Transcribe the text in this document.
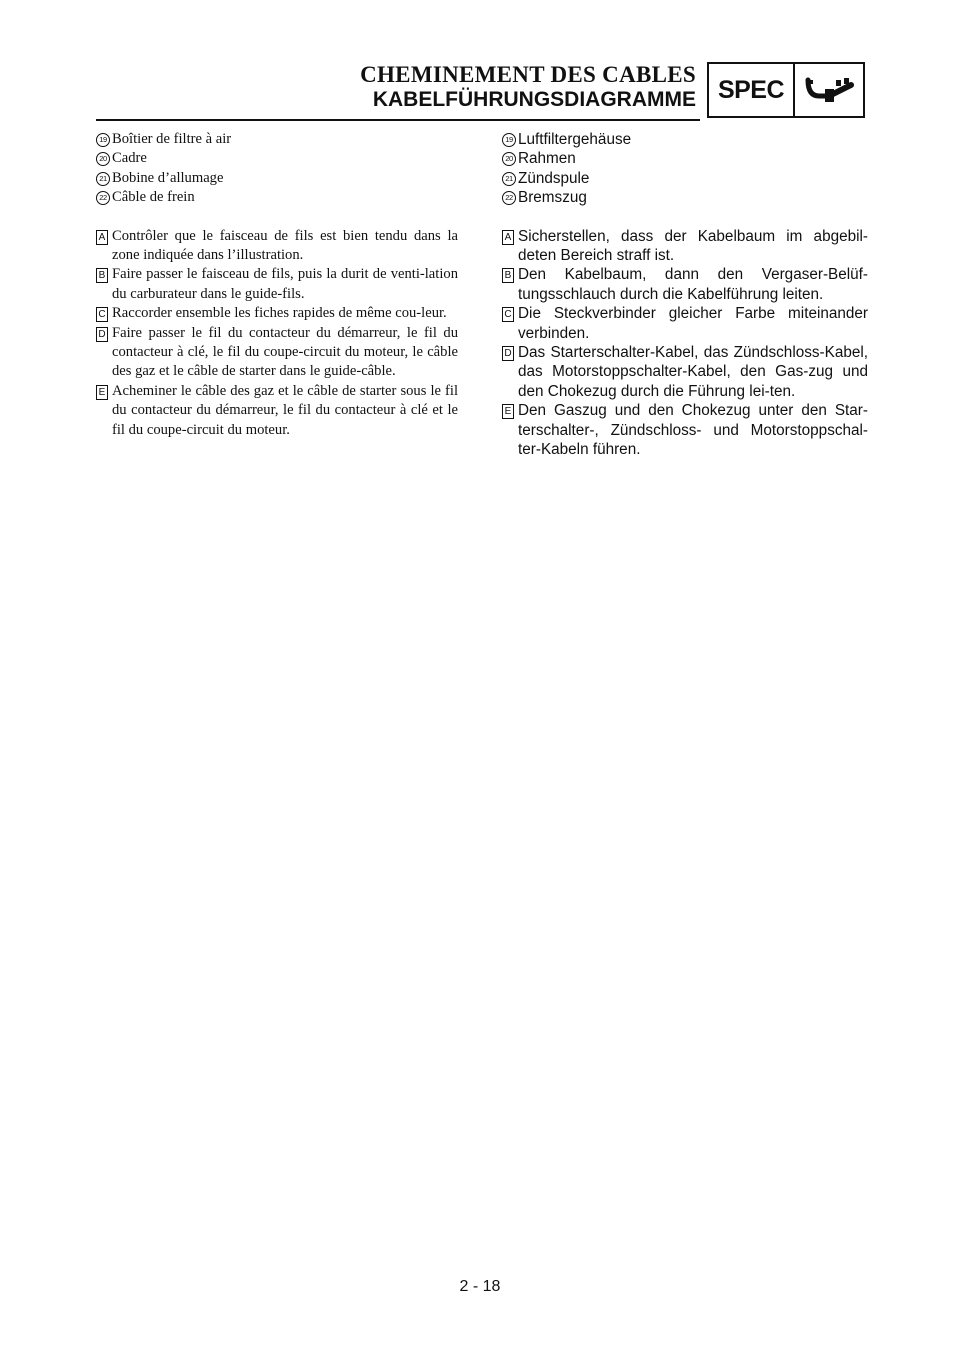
CHEMINEMENT DES CABLES
KABELFÜHRUNGSDIAGRAMME SPEC
19 Boîtier de filtre à air
20 Cadre
21 Bobine d’allumage
22 Câble de frein
A Contrôler que le faisceau de fils est bien tendu dans la zone indiquée dans l’illustration.
B Faire passer le faisceau de fils, puis la durit de venti-lation du carburateur dans le guide-fils.
C Raccorder ensemble les fiches rapides de même cou-leur.
D Faire passer le fil du contacteur du démarreur, le fil du contacteur à clé, le fil du coupe-circuit du moteur, le câble des gaz et le câble de starter dans le guide-câble.
E Acheminer le câble des gaz et le câble de starter sous le fil du contacteur du démarreur, le fil du contacteur à clé et le fil du coupe-circuit du moteur.
19 Luftfiltergehäuse
20 Rahmen
21 Zündspule
22 Bremszug
A Sicherstellen, dass der Kabelbaum im abgebil-deten Bereich straff ist.
B Den Kabelbaum, dann den Vergaser-Belüf-tungsschlauch durch die Kabelführung leiten.
C Die Steckverbinder gleicher Farbe miteinander verbinden.
D Das Starterschalter-Kabel, das Zündschloss-Kabel, das Motorstoppschalter-Kabel, den Gas-zug und den Chokezug durch die Führung lei-ten.
E Den Gaszug und den Chokezug unter den Star-terschalter-, Zündschloss- und Motorstoppschal-ter-Kabeln führen.
2 - 18
